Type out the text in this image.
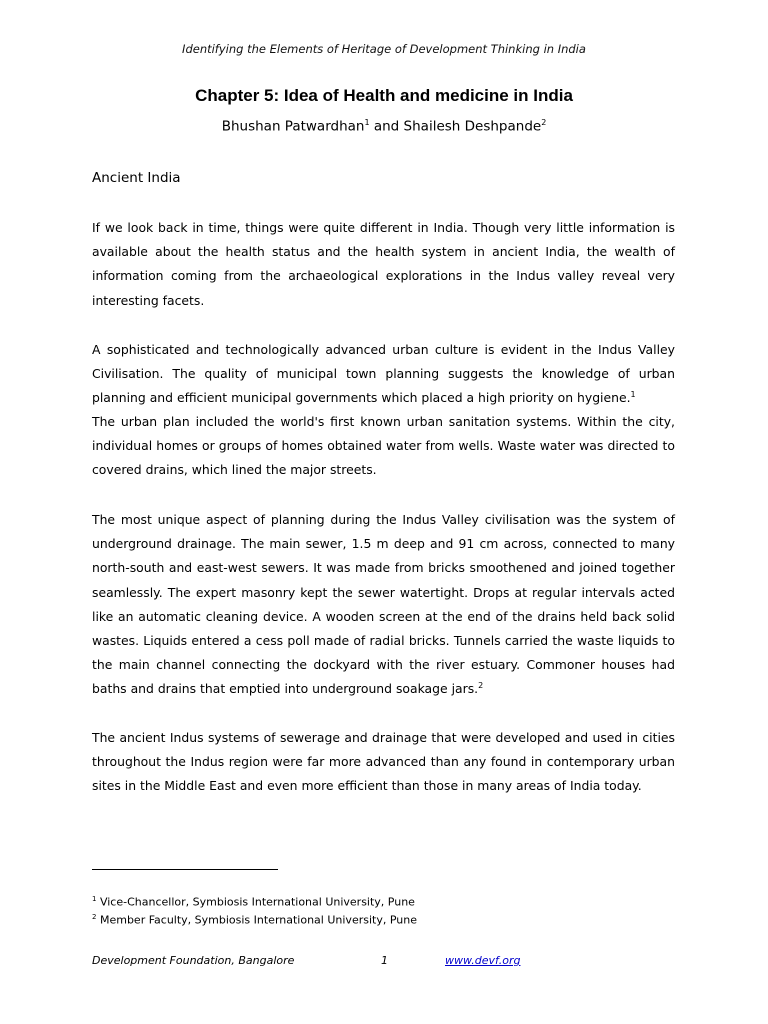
Identifying the Elements of Heritage of Development Thinking in India
Chapter 5: Idea of Health and medicine in India
Bhushan Patwardhan$^1$ and Shailesh Deshpande$^2$
Ancient India

If we look back in time, things were quite different in India. Though very little information is available about the health status and the health system in ancient India, the wealth of information coming from the archaeological explorations in the Indus valley reveal very interesting facets.

A sophisticated and technologically advanced urban culture is evident in the Indus Valley Civilisation. The quality of municipal town planning suggests the knowledge of urban planning and efficient municipal governments which placed a high priority on hygiene.$^1$

The urban plan included the world's first known urban sanitation systems. Within the city, individual homes or groups of homes obtained water from wells. Waste water was directed to covered drains, which lined the major streets.

The most unique aspect of planning during the Indus Valley civilisation was the system of underground drainage. The main sewer, 1.5 m deep and 91 cm across, connected to many north-south and east-west sewers. It was made from bricks smoothened and joined together seamlessly. The expert masonry kept the sewer watertight. Drops at regular intervals acted like an automatic cleaning device. A wooden screen at the end of the drains held back solid wastes. Liquids entered a cess poll made of radial bricks. Tunnels carried the waste liquids to the main channel connecting the dockyard with the river estuary. Commoner houses had baths and drains that emptied into underground soakage jars.$^2$

The ancient Indus systems of sewerage and drainage that were developed and used in cities throughout the Indus region were far more advanced than any found in contemporary urban sites in the Middle East and even more efficient than those in many areas of India today.

$^1$ Vice-Chancellor, Symbiosis International University, Pune
$^2$ Member Faculty, Symbiosis International University, Pune
Development Foundation, Bangalore	1	www.devf.org
